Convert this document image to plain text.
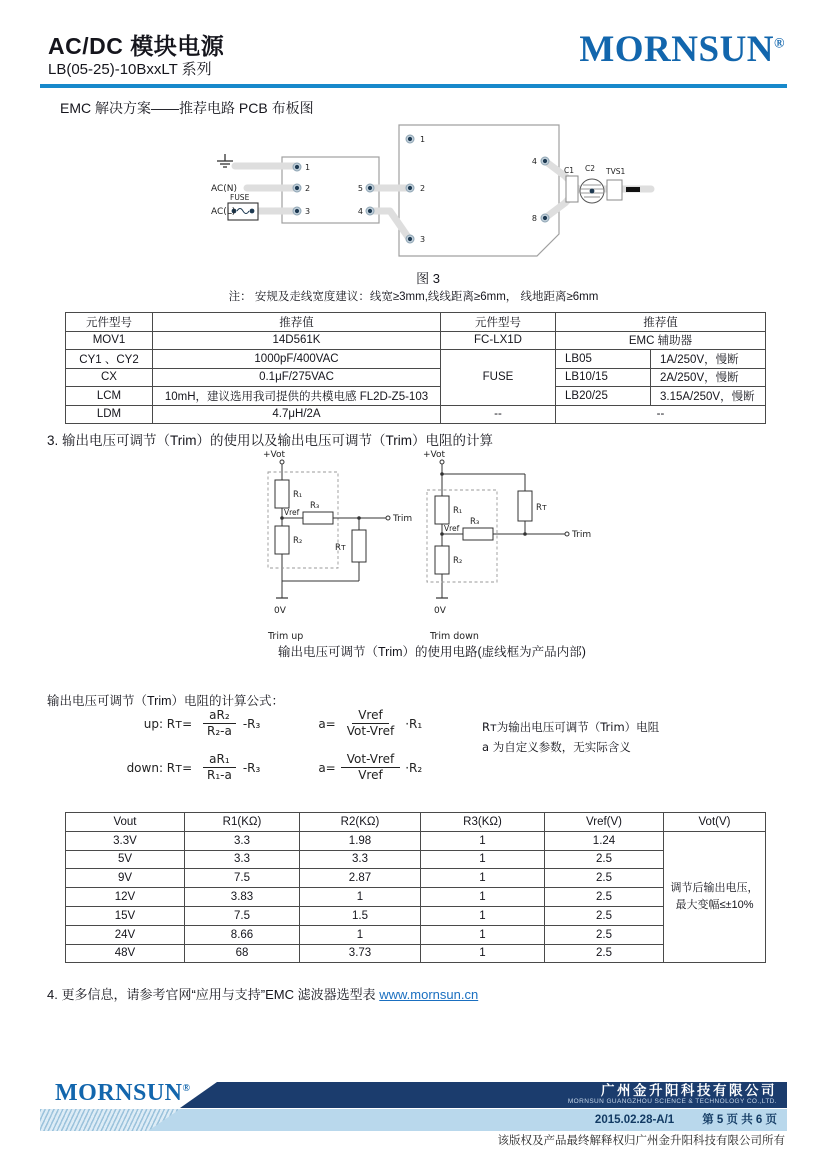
AC/DC 模块电源
LB(05-25)-10BxxLT 系列	MORNSUN®
EMC 解决方案——推荐电路 PCB 布板图
AC(N)
AC(L)
FUSE
C1 C2 TVS1
1
2
3
5
4
1
2
3
4
8
图 3
注： 安规及走线宽度建议：线宽≥3mm,线线距离≥6mm， 线地距离≥6mm
元件型号	推荐值	元件型号	推荐值	
MOV1	14D561K	FC-LX1D	EMC 辅助器	
CY1 、CY2	1000pF/400VAC	FUSE	LB05	1A/250V，慢断
CX	0.1μF/275VAC		LB10/15	2A/250V，慢断
LCM	10mH，建议选用我司提供的共模电感 FL2D-Z5-103		LB20/25	3.15A/250V，慢断
LDM	4.7μH/2A	--	--	
3. 输出电压可调节（Trim）的使用以及输出电压可调节（Trim）电阻的计算
+Vot
R₁
Vref
R₃
R₂
Rᴛ
Trim
0V
Trim up
+Vot
R₁
Vref
R₃
R₂
Rᴛ
Trim
0V
Trim down
输出电压可调节（Trim）的使用电路(虚线框为产品内部)
输出电压可调节（Trim）电阻的计算公式：
up: Rᴛ= $\frac{\text{aR₂}}{\text{R₂-a}} -R_3$	$a= \frac{\text{Vref}}{\text{Vot-Vref}} \cdot R_1$
down: Rᴛ= $\frac{\text{aR₁}}{\text{R₁-a}} -R_3$	$a= \frac{\text{Vot-Vref}}{\text{Vref}} \cdot R_2$
Rᴛ为输出电压可调节（Trim）电阻
a 为自定义参数，无实际含义
Vout	R1(KΩ)	R2(KΩ)	R3(KΩ)	Vref(V)	Vot(V)
3.3V	3.3	1.98	1	1.24	调节后输出电压，最大变幅≤±10%
5V	3.3	3.3	1	2.5	
9V	7.5	2.87	1	2.5	
12V	3.83	1	1	2.5	
15V	7.5	1.5	1	2.5	
24V	8.66	1	1	2.5	
48V	68	3.73	1	2.5	
4. 更多信息，请参考官网“应用与支持”EMC 滤波器选型表 www.mornsun.cn
MORNSUN®	广州金升阳科技有限公司
MORNSUN GUANGZHOU SCIENCE & TECHNOLOGY CO.,LTD.
2015.02.28-A/1 第 5 页 共 6 页
该版权及产品最终解释权归广州金升阳科技有限公司所有
